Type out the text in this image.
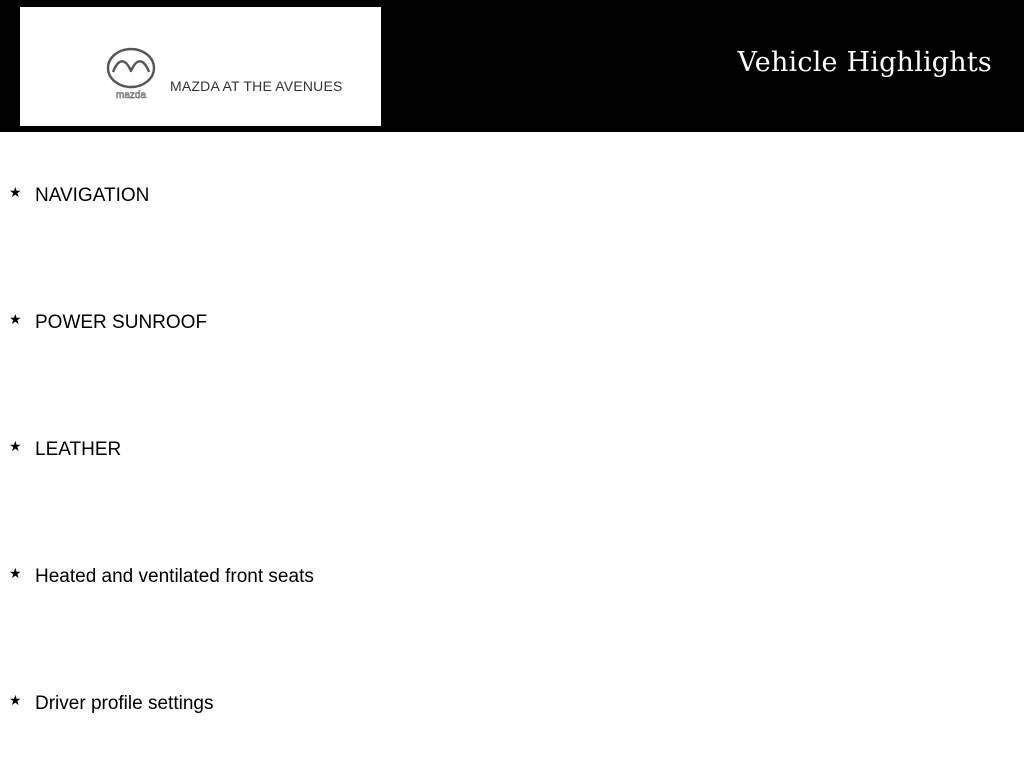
mazda
MAZDA AT THE AVENUES
Vehicle Highlights
★ NAVIGATION
★ POWER SUNROOF
★ LEATHER
★ Heated and ventilated front seats
★ Driver profile settings
